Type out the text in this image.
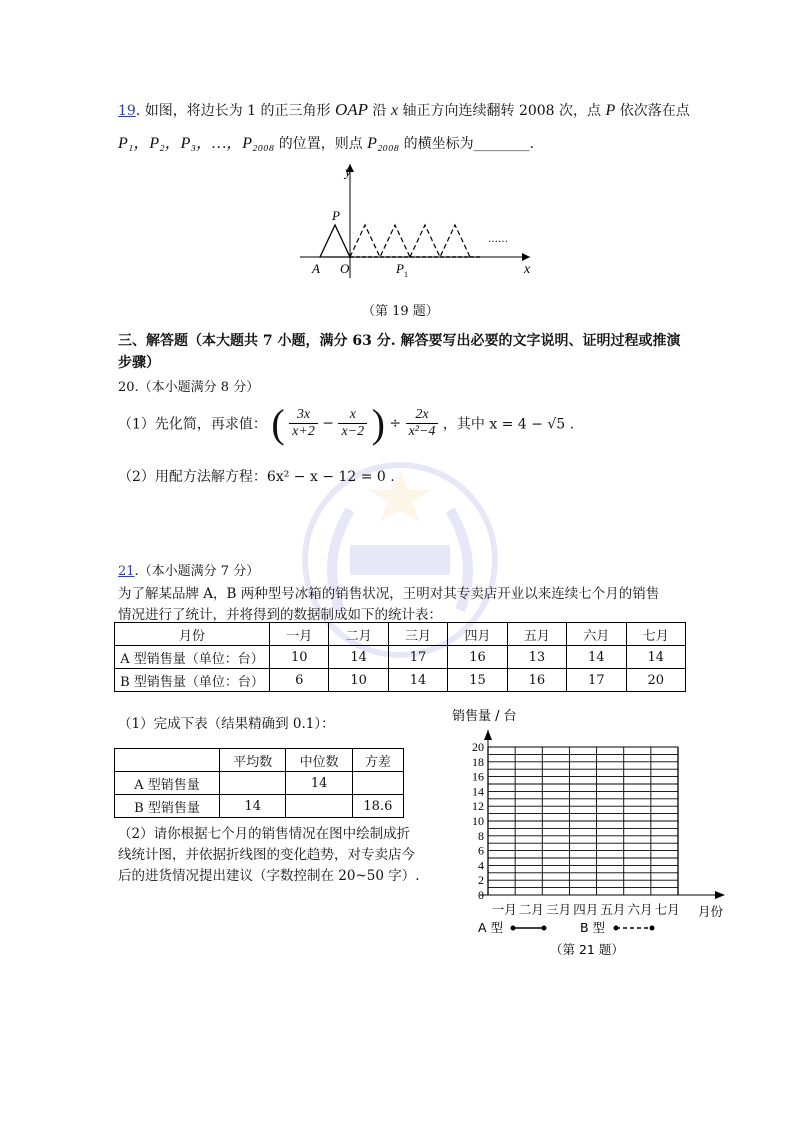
19. 如图，将边长为 1 的正三角形 OAP 沿 x 轴正方向连续翻转 2008 次，点 P 依次落在点
P₁，P₂，P₃，…，P₂₀₀₈ 的位置，则点 P₂₀₀₈ 的横坐标为________.
y
P
A O	P 1	x
……
（第 19 题）
三、解答题（本大题共 7 小题，满分 63 分. 解答要写出必要的文字说明、证明过程或推演
步骤）
20.（本小题满分 8 分）
（1）先化简，再求值： ( $\frac{3x}{x+2} - \frac{x}{x-2}$ ) ÷ $\frac{2x}{\text{x²−4}}$ ，其中 x = 4 − √5 .
（2）用配方法解方程：6x² − x − 12 = 0 .
21.（本小题满分 7 分）
为了解某品牌 A，B 两种型号冰箱的销售状况，王明对其专卖店开业以来连续七个月的销售
情况进行了统计，并将得到的数据制成如下的统计表：
月份	一月	二月	三月	四月	五月	六月	七月
A 型销售量（单位：台）	10	14	17	16	13	14	14
B 型销售量（单位：台）	6	10	14	15	16	17	20
（1）完成下表（结果精确到 0.1）：
	平均数	中位数	方差
A 型销售量		14	
B 型销售量	14		18.6
（2）请你根据七个月的销售情况在图中绘制成折
线统计图，并依据折线图的变化趋势，对专卖店今
后的进货情况提出建议（字数控制在 20~50 字）.
销售量 / 台
0
2
4
6
8
10
12
14
16
18
20
一月 二月 三月 四月 五月 六月 七月 月份
A 型	B 型
（第 21 题）
